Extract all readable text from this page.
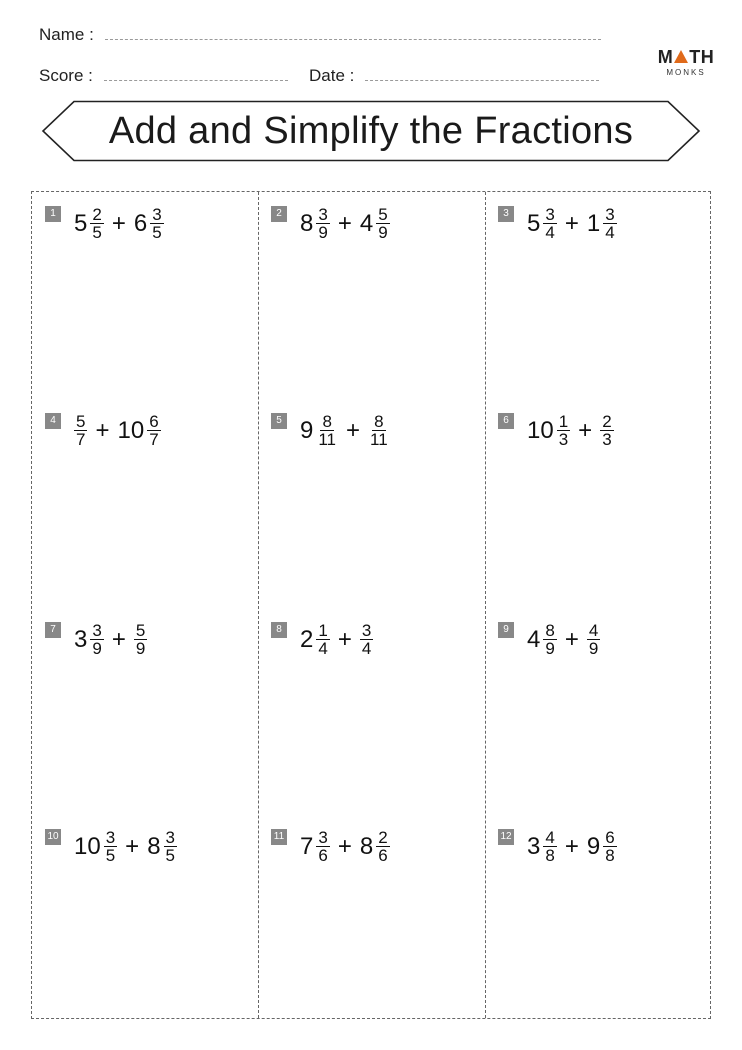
Name :
Score :	Date :
M TH
MONKS
Add and Simplify the Fractions
1 $5 \frac{2}{5} + 6 \frac{3}{5}$	2 $8 \frac{3}{9} + 4 \frac{5}{9}$	3 $5 \frac{3}{4} + 1 \frac{3}{4}$
4	$\frac{5}{7} + 10 \frac{6}{7}$	5 $9 \frac{8}{11} + \frac{8}{11}$	6 $10 \frac{1}{3} + \frac{2}{3}$
7 $3 \frac{3}{9} + \frac{5}{9}$	8 $2 \frac{1}{4} + \frac{3}{4}$	9 $4 \frac{8}{9} + \frac{4}{9}$
10 $10 \frac{3}{5} + 8 \frac{3}{5}$	11 $7 \frac{3}{6} + 8 \frac{2}{6}$	12 $3 \frac{4}{8} + 9 \frac{6}{8}$
